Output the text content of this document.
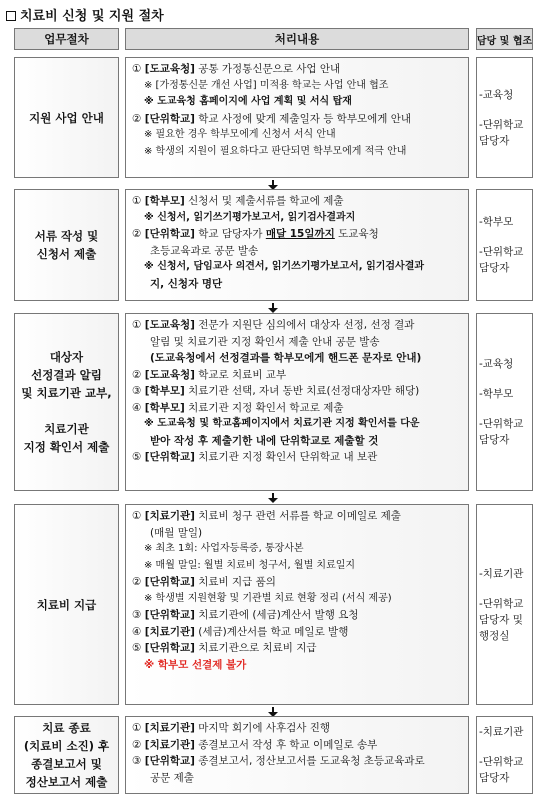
치료비 신청 및 지원 절차
업무절차	처리내용	담당 및 협조
지원 사업 안내
① [도교육청] 공통 가정통신문으로 사업 안내
※ [가정통신문 개선 사업] 미적용 학교는 사업 안내 협조
※ 도교육청 홈페이지에 사업 계획 및 서식 탑재
② [단위학교] 학교 사정에 맞게 제출일자 등 학부모에게 안내
※ 필요한 경우 학부모에게 신청서 서식 안내
※ 학생의 지원이 필요하다고 판단되면 학부모에게 적극 안내
-교육청
-단위학교 담당자
서류 작성 및
신청서 제출
① [학부모] 신청서 및 제출서류를 학교에 제출
※ 신청서, 읽기쓰기평가보고서, 읽기검사결과지
② [단위학교] 학교 담당자가 매달 15일까지 도교육청
초등교육과로 공문 발송
※ 신청서, 담임교사 의견서, 읽기쓰기평가보고서, 읽기검사결과
지, 신청자 명단
-학부모
-단위학교 담당자
대상자
선정결과 알림
및 치료기관 교부,

치료기관
지정 확인서 제출
① [도교육청] 전문가 지원단 심의에서 대상자 선정, 선정 결과
알림 및 치료기관 지정 확인서 제출 안내 공문 발송
(도교육청에서 선정결과를 학부모에게 핸드폰 문자로 안내)
② [도교육청] 학교로 치료비 교부
③ [학부모] 치료기관 선택, 자녀 동반 치료(선정대상자만 해당)
④ [학부모] 치료기관 지정 확인서 학교로 제출
※ 도교육청 및 학교홈페이지에서 치료기관 지정 확인서를 다운
받아 작성 후 제출기한 내에 단위학교로 제출할 것
⑤ [단위학교] 치료기관 지정 확인서 단위학교 내 보관
-교육청
-학부모
-단위학교 담당자
치료비 지급
① [치료기관] 치료비 청구 관련 서류를 학교 이메일로 제출
(매월 말일)
※ 최초 1회: 사업자등록증, 통장사본
※ 매월 말일: 월별 치료비 청구서, 월별 치료일지
② [단위학교] 치료비 지급 품의
※ 학생별 지원현황 및 기관별 치료 현황 정리 (서식 제공)
③ [단위학교] 치료기관에 (세금)계산서 발행 요청
④ [치료기관] (세금)계산서를 학교 메일로 발행
⑤ [단위학교] 치료기관으로 치료비 지급
※ 학부모 선결제 불가
-치료기관
-단위학교 담당자 및 행정실
치료 종료
(치료비 소진) 후
종결보고서 및
정산보고서 제출
① [치료기관] 마지막 회기에 사후검사 진행
② [치료기관] 종결보고서 작성 후 학교 이메일로 송부
③ [단위학교] 종결보고서, 정산보고서를 도교육청 초등교육과로
공문 제출
-치료기관
-단위학교 담당자
